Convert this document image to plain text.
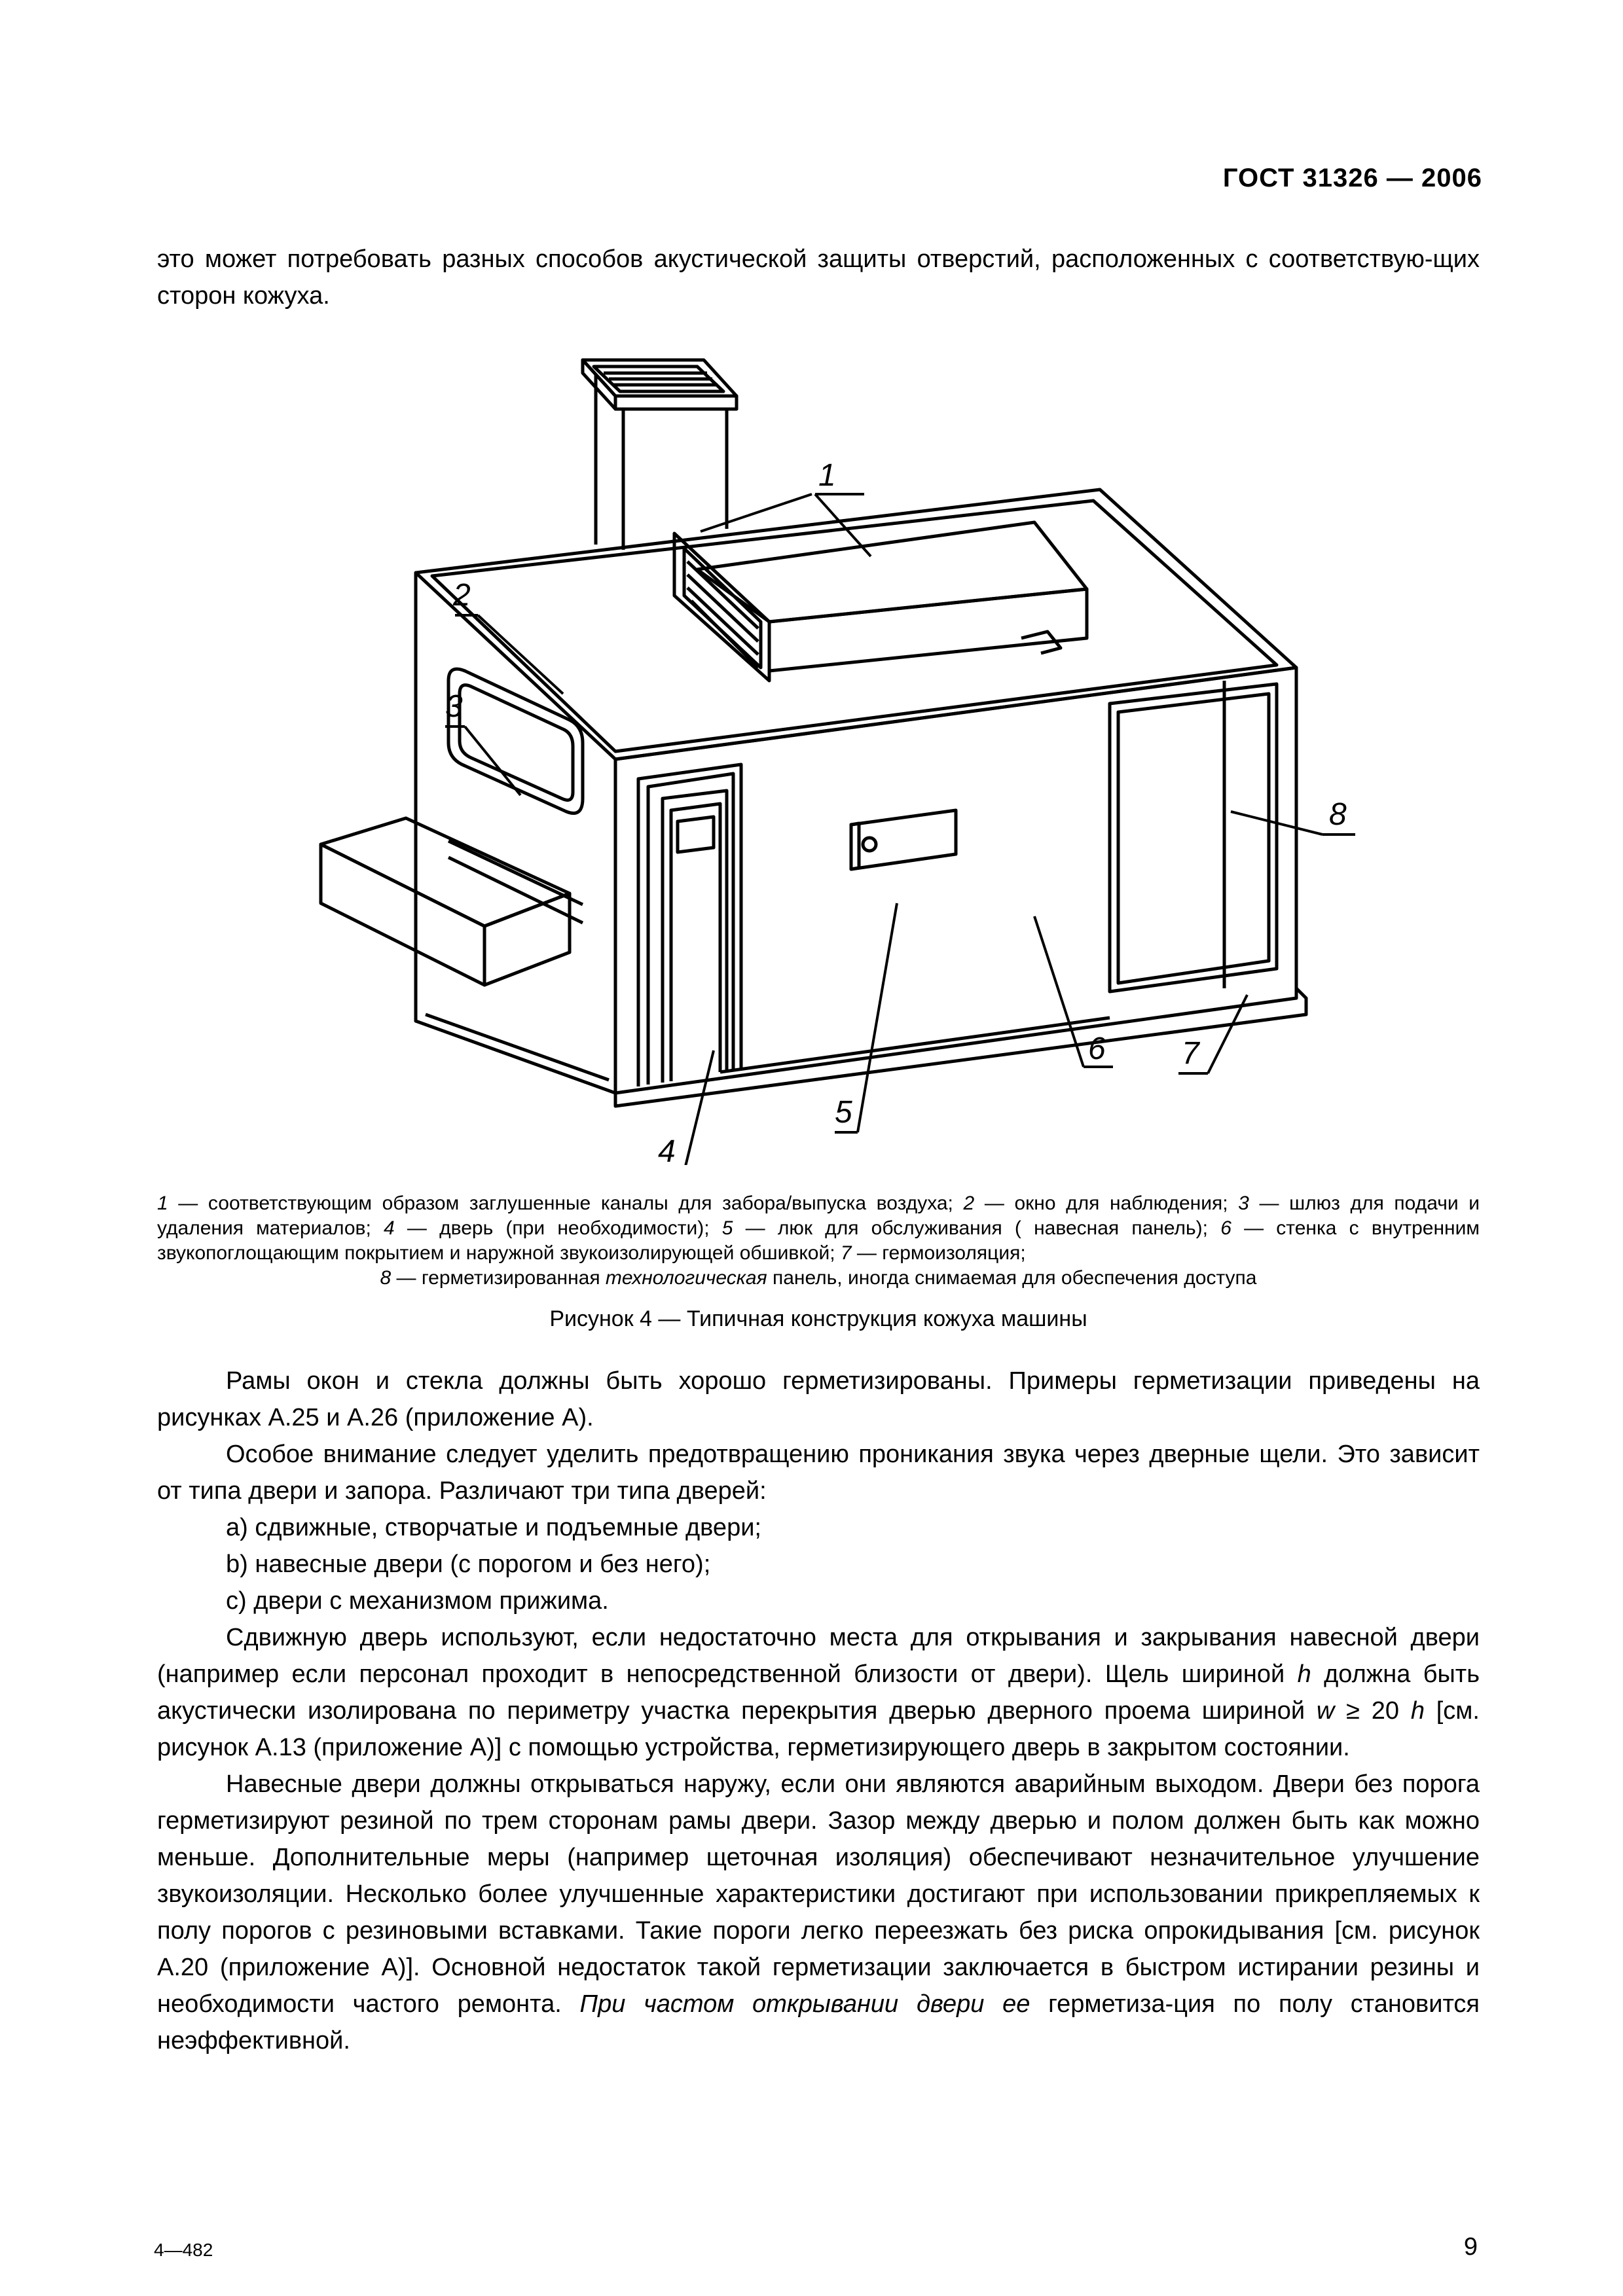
ГОСТ 31326 — 2006
это может потребовать разных способов акустической защиты отверстий, расположенных с соответствую-щих сторон кожуха.
1
2
3
4
5
6 7
8
1 — соответствующим образом заглушенные каналы для забора/выпуска воздуха; 2 — окно для наблюдения; 3 — шлюз для подачи и удаления материалов; 4 — дверь (при необходимости); 5 — люк для обслуживания ( навесная панель); 6 — стенка с внутренним звукопоглощающим покрытием и наружной звукоизолирующей обшивкой; 7 — гермоизоляция;
8 — герметизированная технологическая панель, иногда снимаемая для обеспечения доступа
Рисунок 4 — Типичная конструкция кожуха машины

Рамы окон и стекла должны быть хорошо герметизированы. Примеры герметизации приведены на рисунках А.25 и А.26 (приложение А).

Особое внимание следует уделить предотвращению проникания звука через дверные щели. Это зависит от типа двери и запора. Различают три типа дверей:

а) сдвижные, створчатые и подъемные двери;

b) навесные двери (с порогом и без него);

с) двери с механизмом прижима.

Сдвижную дверь используют, если недостаточно места для открывания и закрывания навесной двери (например если персонал проходит в непосредственной близости от двери). Щель шириной h должна быть акустически изолирована по периметру участка перекрытия дверью дверного проема шириной w ≥ 20 h [см. рисунок А.13 (приложение А)] с помощью устройства, герметизирующего дверь в закрытом состоянии.

Навесные двери должны открываться наружу, если они являются аварийным выходом. Двери без порога герметизируют резиной по трем сторонам рамы двери. Зазор между дверью и полом должен быть как можно меньше. Дополнительные меры (например щеточная изоляция) обеспечивают незначительное улучшение звукоизоляции. Несколько более улучшенные характеристики достигают при использовании прикрепляемых к полу порогов с резиновыми вставками. Такие пороги легко переезжать без риска опрокидывания [см. рисунок А.20 (приложение А)]. Основной недостаток такой герметизации заключается в быстром истирании резины и необходимости частого ремонта. При частом открывании двери ее герметиза-ция по полу становится неэффективной.

4—482	9
